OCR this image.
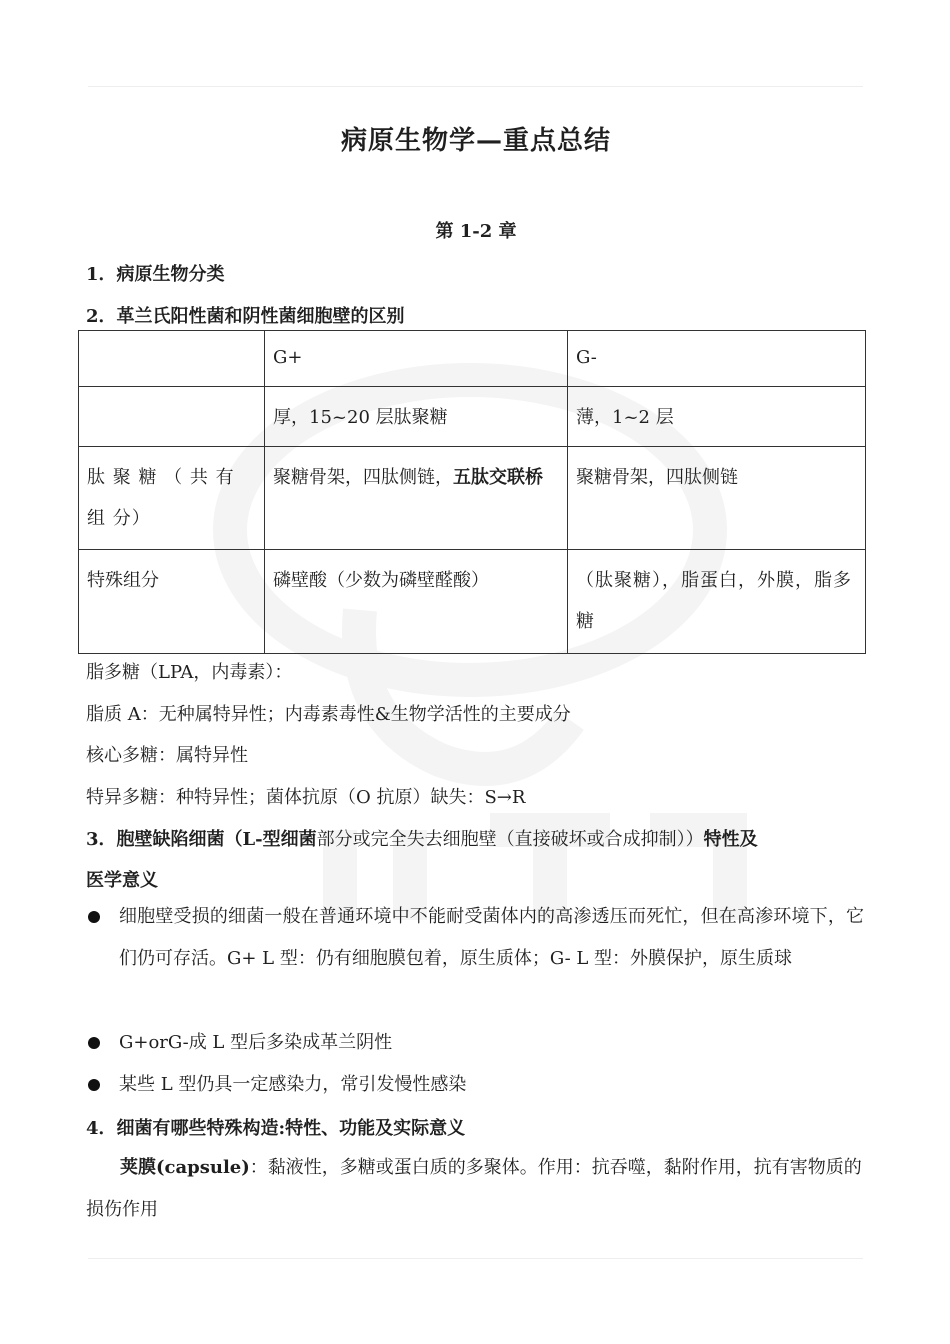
病原生物学—重点总结
第 1-2 章
1．病原生物分类
2．革兰氏阳性菌和阴性菌细胞壁的区别
	G+	G-
	厚，15~20 层肽聚糖	薄，1~2 层
肽 聚 糖 （ 共 有 组 分）	聚糖骨架，四肽侧链，五肽交联桥	聚糖骨架，四肽侧链
特殊组分	磷壁酸（少数为磷壁醛酸）	（肽聚糖），脂蛋白，外膜，脂多糖
脂多糖（LPA，内毒素）：
脂质 A：无种属特异性；内毒素毒性&生物学活性的主要成分
核心多糖：属特异性
特异多糖：种特异性；菌体抗原（O 抗原）缺失：S→R
3．胞壁缺陷细菌（L-型细菌部分或完全失去细胞壁（直接破坏或合成抑制））特性及
医学意义
细胞壁受损的细菌一般在普通环境中不能耐受菌体内的高渗透压而死忙，但在高渗环境下，它们仍可存活。G+ L 型：仍有细胞膜包着，原生质体；G- L 型：外膜保护，原生质球
G+orG-成 L 型后多染成革兰阴性
某些 L 型仍具一定感染力，常引发慢性感染
4．细菌有哪些特殊构造:特性、功能及实际意义
荚膜(capsule)：黏液性，多糖或蛋白质的多聚体。作用：抗吞噬，黏附作用，抗有害物质的损伤作用
